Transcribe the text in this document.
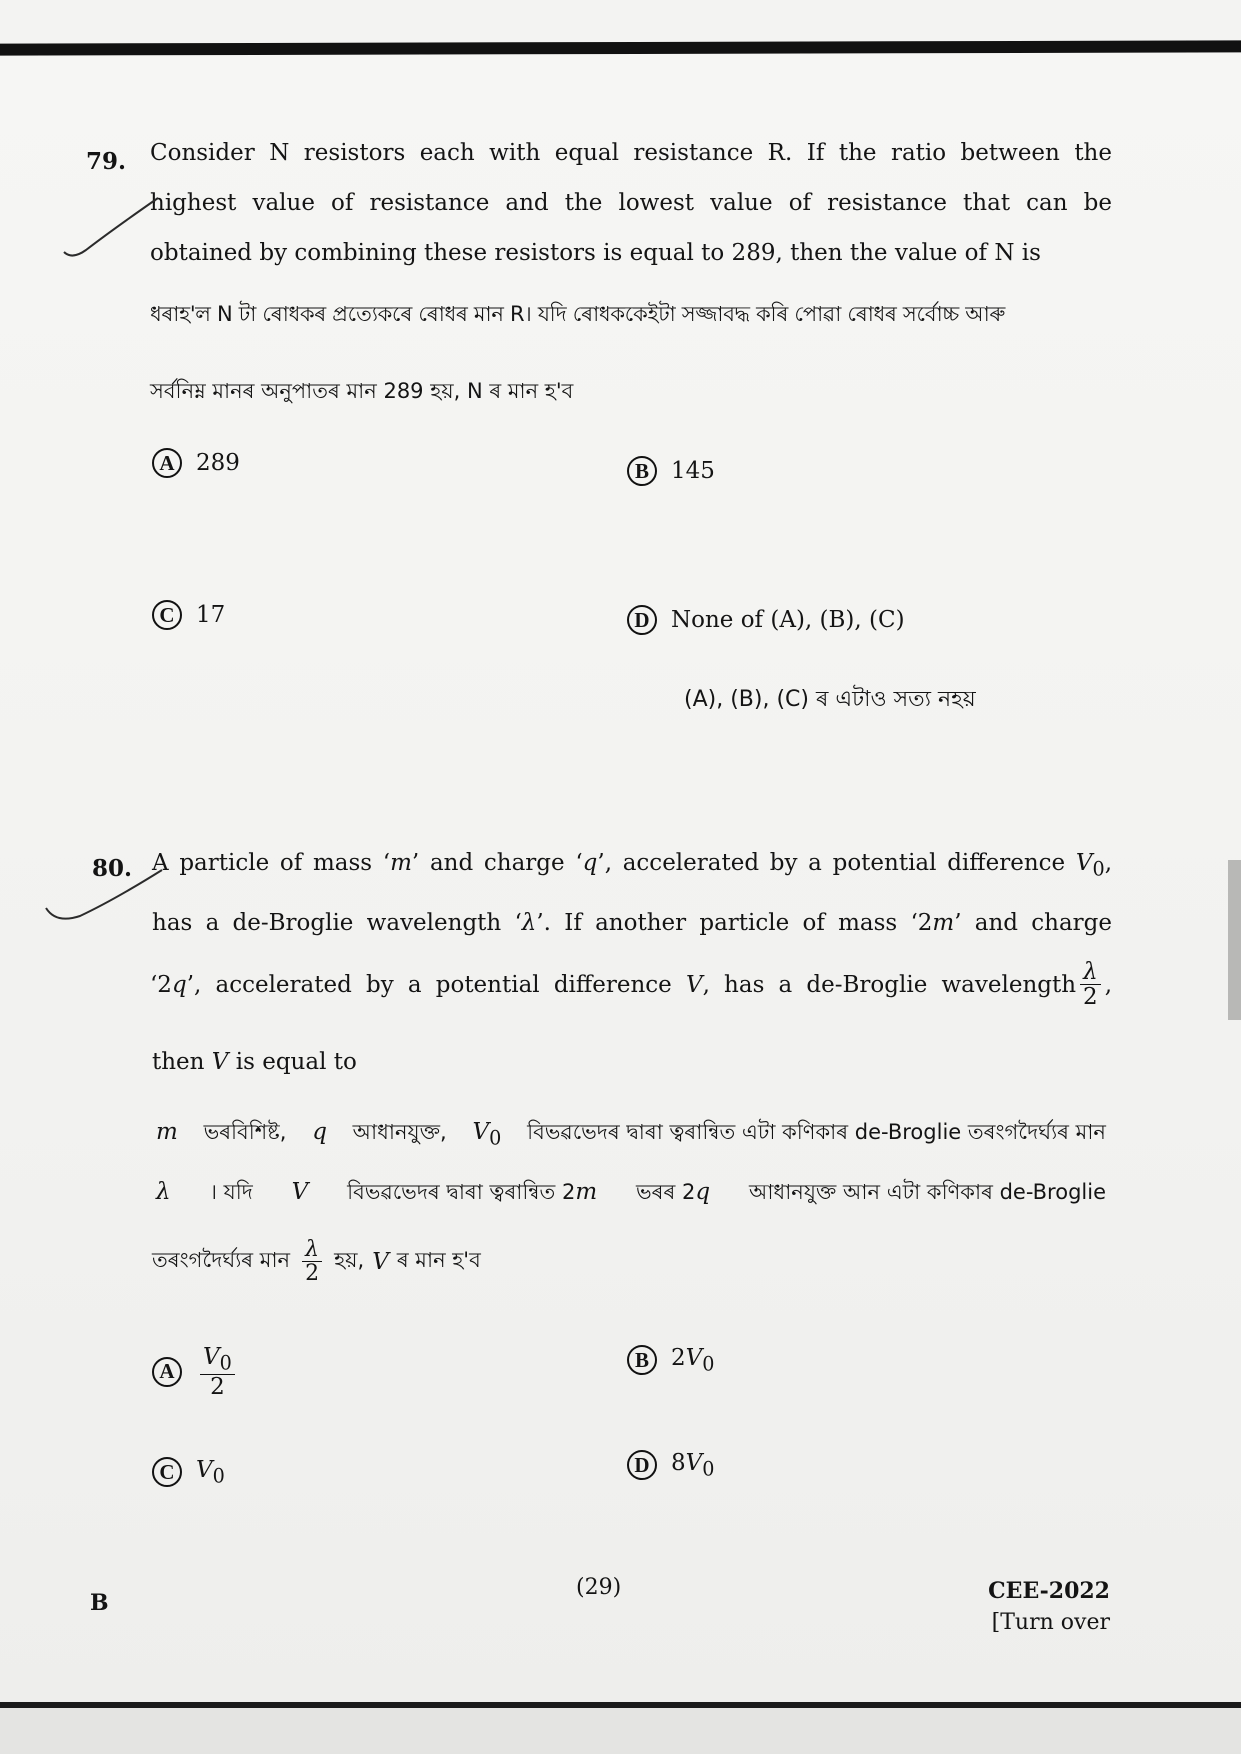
79. Consider N resistors each with equal resistance R. If the ratio between the
highest value of resistance and the lowest value of resistance that can be
obtained by combining these resistors is equal to 289, then the value of N is
ধৰাহ'ল N টা ৰোধকৰ প্ৰত্যেকৰে ৰোধৰ মান R। যদি ৰোধককেইটা সজ্জাবদ্ধ কৰি পোৱা ৰোধৰ সৰ্বোচ্চ আৰু
সৰ্বনিম্ন মানৰ অনুপাতৰ মান 289 হয়, N ৰ মান হ'ব
A 289	B 145
C 17	D None of (A), (B), (C)
(A), (B), (C) ৰ এটাও সত্য নহয়
80. A particle of mass ‘m’ and charge ‘q’, accelerated by a potential difference $V_0$,
has a de-Broglie wavelength ‘λ’. If another particle of mass ‘2m’ and charge
‘2q’, accelerated by a potential difference V, has a de-Broglie wavelength $\frac{\lambda}{2}$ ,
then V is equal to
m ভৰবিশিষ্ট, q আধানযুক্ত, $V_0$ বিভৱভেদৰ দ্বাৰা ত্বৰান্বিত এটা কণিকাৰ de-Broglie তৰংগদৈৰ্ঘ্যৰ মান
λ । যদি V বিভৱভেদৰ দ্বাৰা ত্বৰান্বিত 2m ভৰৰ 2q আধানযুক্ত আন এটা কণিকাৰ de-Broglie
তৰংগদৈৰ্ঘ্যৰ মান $\frac{\lambda}{2}$ হয়, V ৰ মান হ'ব
A	$\frac{V_0}{2}$	B $2V_0$
C $V_0$	D $8V_0$
B
(29)	CEE-2022
[Turn over
